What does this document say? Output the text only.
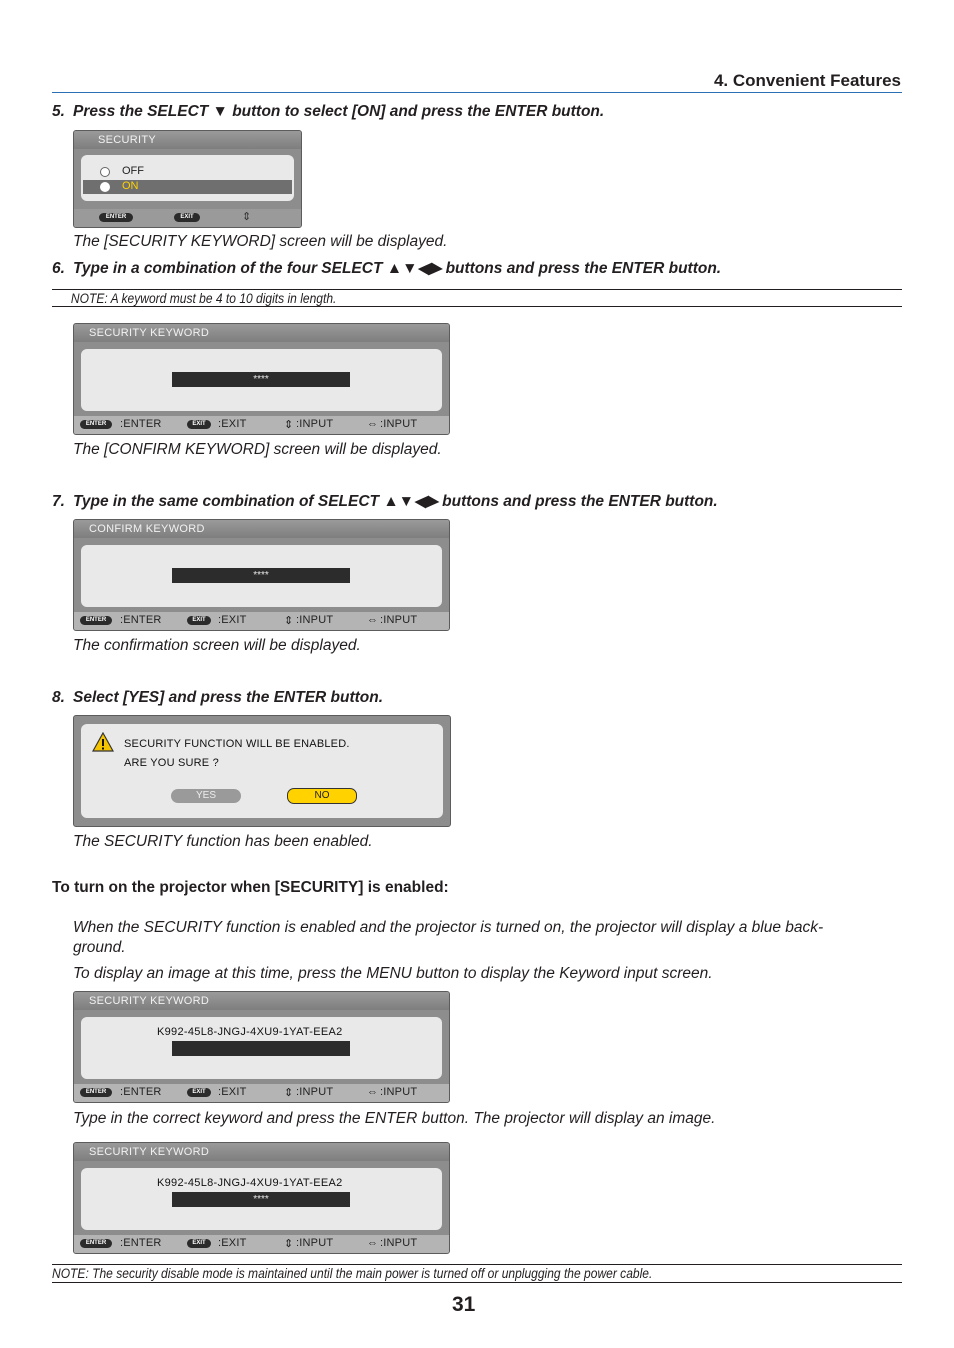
4. Convenient Features
5. Press the SELECT ▼ button to select [ON] and press the ENTER button.
SECURITY
OFF
ON
ENTER	EXIT	⇕
The [SECURITY KEYWORD] screen will be displayed.
6. Type in a combination of the four SELECT ▲▼◀▶ buttons and press the ENTER button.
NOTE: A keyword must be 4 to 10 digits in length.
SECURITY KEYWORD
****
ENTER	:ENTER	EXIT	:EXIT	⇕ :INPUT	⇔ :INPUT
The [CONFIRM KEYWORD] screen will be displayed.
7. Type in the same combination of SELECT ▲▼◀▶ buttons and press the ENTER button.
CONFIRM KEYWORD
****
ENTER	:ENTER	EXIT	:EXIT	⇕ :INPUT	⇔ :INPUT
The confirmation screen will be displayed.
8. Select [YES] and press the ENTER button.
SECURITY FUNCTION WILL BE ENABLED.
ARE YOU SURE ?
YES	NO
The SECURITY function has been enabled.
To turn on the projector when [SECURITY] is enabled:
When the SECURITY function is enabled and the projector is turned on, the projector will display a blue back-
ground.
To display an image at this time, press the MENU button to display the Keyword input screen.
SECURITY KEYWORD
K992-45L8-JNGJ-4XU9-1YAT-EEA2
ENTER	:ENTER	EXIT	:EXIT	⇕ :INPUT	⇔ :INPUT
Type in the correct keyword and press the ENTER button. The projector will display an image.
SECURITY KEYWORD
K992-45L8-JNGJ-4XU9-1YAT-EEA2
****
ENTER	:ENTER	EXIT	:EXIT	⇕ :INPUT	⇔ :INPUT
NOTE: The security disable mode is maintained until the main power is turned off or unplugging the power cable.
31
